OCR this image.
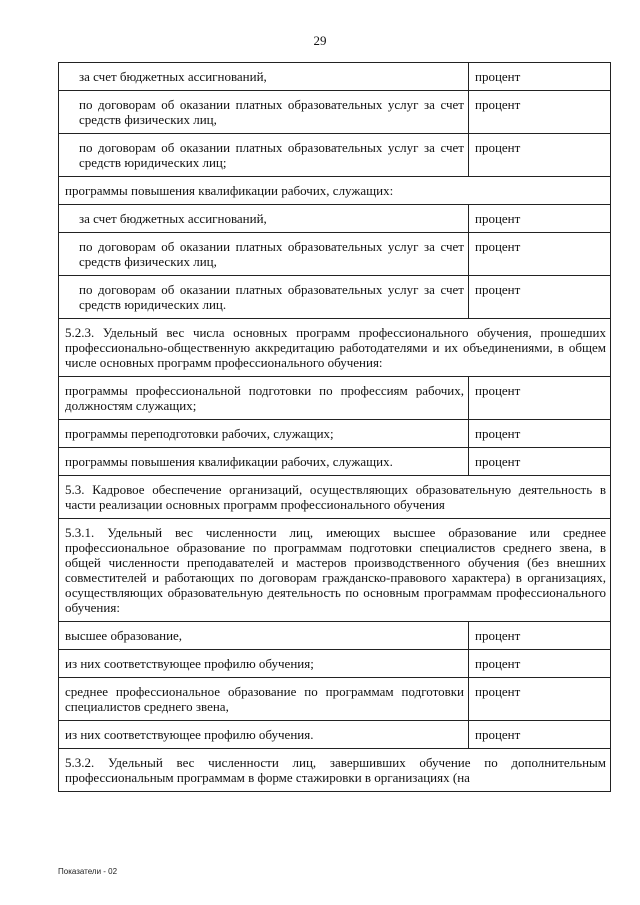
29
за счет бюджетных ассигнований,	процент
по договорам об оказании платных образовательных услуг за счет средств физических лиц,	процент
по договорам об оказании платных образовательных услуг за счет средств юридических лиц;	процент
программы повышения квалификации рабочих, служащих:	
за счет бюджетных ассигнований,	процент
по договорам об оказании платных образовательных услуг за счет средств физических лиц,	процент
по договорам об оказании платных образовательных услуг за счет средств юридических лиц.	процент
5.2.3. Удельный вес числа основных программ профессионального обучения, прошедших профессионально-общественную аккредитацию работодателями и их объединениями, в общем числе основных программ профессионального обучения:	
программы профессиональной подготовки по профессиям рабочих, должностям служащих;	процент
программы переподготовки рабочих, служащих;	процент
программы повышения квалификации рабочих, служащих.	процент
5.3. Кадровое обеспечение организаций, осуществляющих образовательную деятельность в части реализации основных программ профессионального обучения	
5.3.1. Удельный вес численности лиц, имеющих высшее образование или среднее профессиональное образование по программам подготовки специалистов среднего звена, в общей численности преподавателей и мастеров производственного обучения (без внешних совместителей и работающих по договорам гражданско-правового характера) в организациях, осуществляющих образовательную деятельность по основным программам профессионального обучения:	
высшее образование,	процент
из них соответствующее профилю обучения;	процент
среднее профессиональное образование по программам подготовки специалистов среднего звена,	процент
из них соответствующее профилю обучения.	процент
5.3.2. Удельный вес численности лиц, завершивших обучение по дополнительным профессиональным программам в форме стажировки в организациях (на	
Показатели - 02
